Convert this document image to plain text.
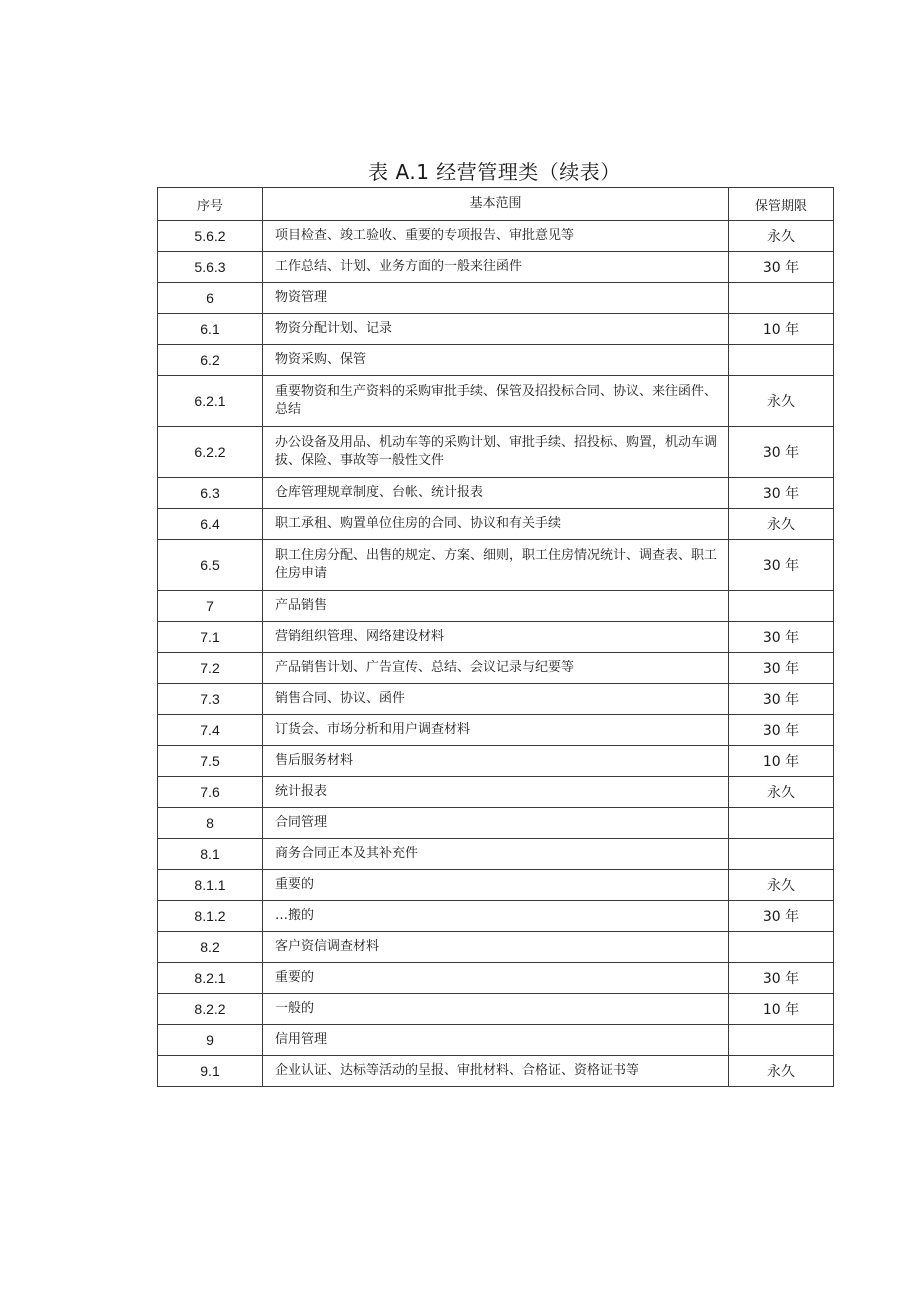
表 A.1 经营管理类（续表）
序号	基本范围	保管期限
5.6.2	项目检查、竣工验收、重要的专项报告、审批意见等	永久
5.6.3	工作总结、计划、业务方面的一般来往函件	30 年
6	物资管理	
6.1	物资分配计划、记录	10 年
6.2	物资采购、保管	
6.2.1	重要物资和生产资料的采购审批手续、保管及招投标合同、协议、来往函件、总结	永久
6.2.2	办公设备及用品、机动车等的采购计划、审批手续、招投标、购置，机动车调拔、保险、事故等一般性文件	30 年
6.3	仓库管理规章制度、台帐、统计报表	30 年
6.4	职工承租、购置单位住房的合同、协议和有关手续	永久
6.5	职工住房分配、出售的规定、方案、细则，职工住房情况统计、调查表、职工住房申请	30 年
7	产品销售	
7.1	营销组织管理、网络建设材料	30 年
7.2	产品销售计划、广告宣传、总结、会议记录与纪要等	30 年
7.3	销售合同、协议、函件	30 年
7.4	订货会、市场分析和用户调查材料	30 年
7.5	售后服务材料	10 年
7.6	统计报表	永久
8	合同管理	
8.1	商务合同正本及其补充件	
8.1.1	重要的	永久
8.1.2	…搬的	30 年
8.2	客户资信调查材料	
8.2.1	重要的	30 年
8.2.2	一般的	10 年
9	信用管理	
9.1	企业认证、达标等活动的呈报、审批材料、合格证、资格证书等	永久
